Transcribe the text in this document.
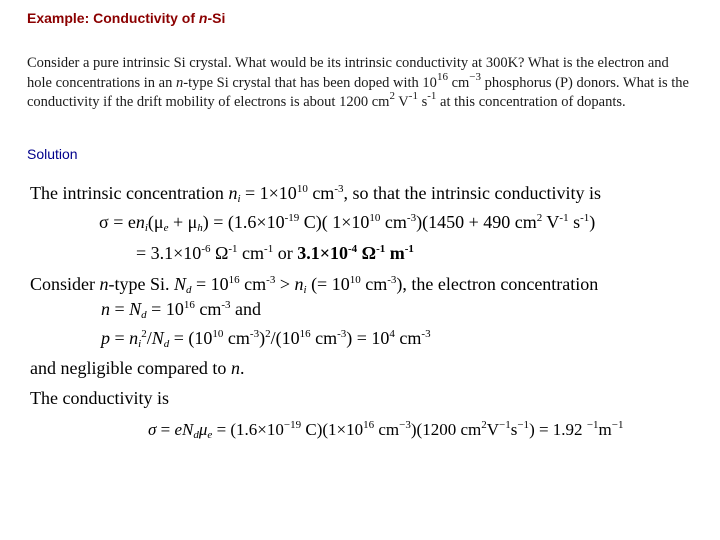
Example: Conductivity of n-Si
Consider a pure intrinsic Si crystal. What would be its intrinsic conductivity at 300K? What is the electron and hole concentrations in an n-type Si crystal that has been doped with $10^{16}$ $cm^{-3}$ phosphorus (P) donors. What is the conductivity if the drift mobility of electrons is about 1200 $cm^2$ $V^{-1}$ $s^{-1}$ at this concentration of dopants.
Solution
The intrinsic concentration $n_i = 1\times 10^{10}$ $cm^{-3}$, so that the intrinsic conductivity is
$\sigma = en_i(\mu_e + \mu_h) = (1.6\times 10^{-19}$ C)( $1\times 10^{10}$ $cm^{-3})(1450 + 490$ $cm^2$ $V^{-1}$ $s^{-1}$)
= $3.1\times 10^{-6}$ $\Omega^{-1}$ $cm^{-1}$ or $3.1\times 10^{-4}$ $\Omega^{-1}$ $m^{-1}$
Consider n-type Si. $N_d = 10^{16}$ $cm^{-3} > n_i$ (= $10^{10}$ $cm^{-3}$), the electron concentration
$n = N_d = 10^{16}$ $cm^{-3}$ and
$p = n_i^2/N_d = (10^{10}$ $cm^{-3})^2/(10^{16}$ $cm^{-3}) = 10^4$ $cm^{-3}$
and negligible compared to n.
The conductivity is
$\sigma = eN_d\mu_e = (1.6\times 10^{-19}$ $C)(1\times 10^{16}$ $cm^{-3})(1200$ $cm^2V^{-1}s^{-1}) = 1.92$ $^{-1}m^{-1}$
